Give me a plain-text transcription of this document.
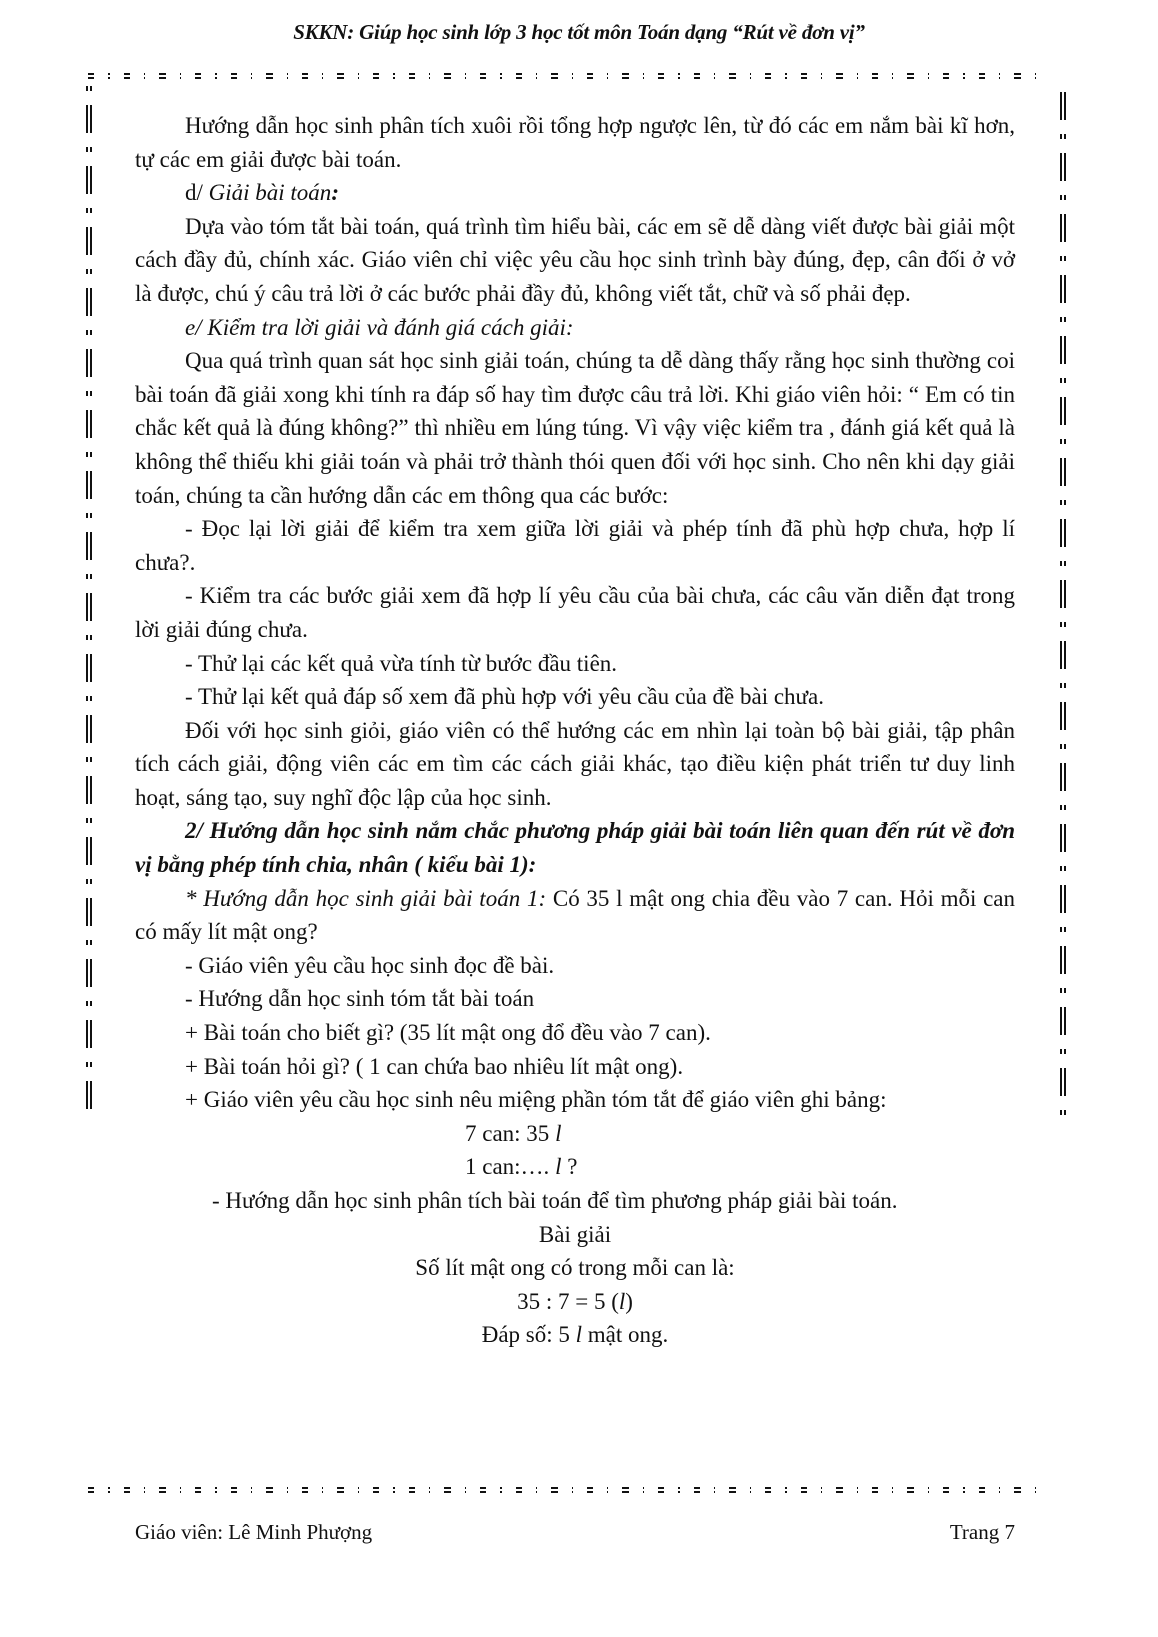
SKKN: Giúp học sinh lớp 3 học tốt môn Toán dạng “Rút về đơn vị”

Hướng dẫn học sinh phân tích xuôi rồi tổng hợp ngược lên, từ đó các em nắm bài kĩ hơn, tự các em giải được bài toán.

d/ Giải bài toán:

Dựa vào tóm tắt bài toán, quá trình tìm hiểu bài, các em sẽ dễ dàng viết được bài giải một cách đầy đủ, chính xác. Giáo viên chỉ việc yêu cầu học sinh trình bày đúng, đẹp, cân đối ở vở là được, chú ý câu trả lời ở các bước phải đầy đủ, không viết tắt, chữ và số phải đẹp.

e/ Kiểm tra lời giải và đánh giá cách giải:

Qua quá trình quan sát học sinh giải toán, chúng ta dễ dàng thấy rằng học sinh thường coi bài toán đã giải xong khi tính ra đáp số hay tìm được câu trả lời. Khi giáo viên hỏi: “ Em có tin chắc kết quả là đúng không?” thì nhiều em lúng túng. Vì vậy việc kiểm tra , đánh giá kết quả là không thể thiếu khi giải toán và phải trở thành thói quen đối với học sinh. Cho nên khi dạy giải toán, chúng ta cần hướng dẫn các em thông qua các bước:

- Đọc lại lời giải để kiểm tra xem giữa lời giải và phép tính đã phù hợp chưa, hợp lí chưa?.

- Kiểm tra các bước giải xem đã hợp lí yêu cầu của bài chưa, các câu văn diễn đạt trong lời giải đúng chưa.

- Thử lại các kết quả vừa tính từ bước đầu tiên.

- Thử lại kết quả đáp số xem đã phù hợp với yêu cầu của đề bài chưa.

Đối với học sinh giỏi, giáo viên có thể hướng các em nhìn lại toàn bộ bài giải, tập phân tích cách giải, động viên các em tìm các cách giải khác, tạo điều kiện phát triển tư duy linh hoạt, sáng tạo, suy nghĩ độc lập của học sinh.

2/ Hướng dẫn học sinh nắm chắc phương pháp giải bài toán liên quan đến rút về đơn vị bằng phép tính chia, nhân ( kiểu bài 1):

* Hướng dẫn học sinh giải bài toán 1: Có 35 l mật ong chia đều vào 7 can. Hỏi mỗi can có mấy lít mật ong?

- Giáo viên yêu cầu học sinh đọc đề bài.

- Hướng dẫn học sinh tóm tắt bài toán

+ Bài toán cho biết gì? (35 lít mật ong đổ đều vào 7 can).

+ Bài toán hỏi gì? ( 1 can chứa bao nhiêu lít mật ong).

+ Giáo viên yêu cầu học sinh nêu miệng phần tóm tắt để giáo viên ghi bảng:

7 can: 35 l

1 can:…. l ?

- Hướng dẫn học sinh phân tích bài toán để tìm phương pháp giải bài toán.

Bài giải

Số lít mật ong có trong mỗi can là:

35 : 7 = 5 (l)

Đáp số: 5 l mật ong.

Giáo viên: Lê Minh Phượng	Trang 7
